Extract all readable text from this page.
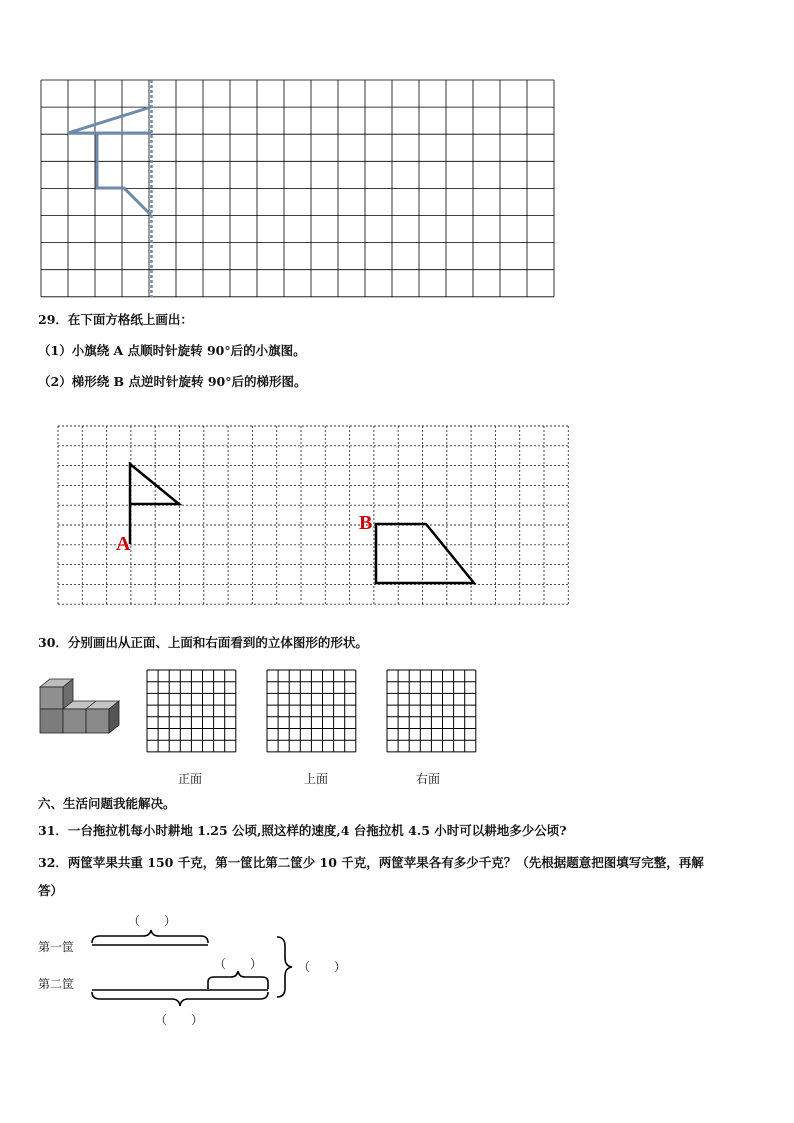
29．在下面方格纸上画出：
（1）小旗绕 A 点顺时针旋转 90°后的小旗图。
（2）梯形绕 B 点逆时针旋转 90°后的梯形图。
A
B
30．分别画出从正面、上面和右面看到的立体图形的形状。
正面	上面	右面
六、生活问题我能解决。
31．一台拖拉机每小时耕地 1.25 公顷,照这样的速度,4 台拖拉机 4.5 小时可以耕地多少公顷?
32．两筐苹果共重 150 千克，第一筐比第二筐少 10 千克，两筐苹果各有多少千克？（先根据题意把图填写完整，再解
答）
（　　）
第一筐
第二筐
（　　）	（　　）
（　　）
